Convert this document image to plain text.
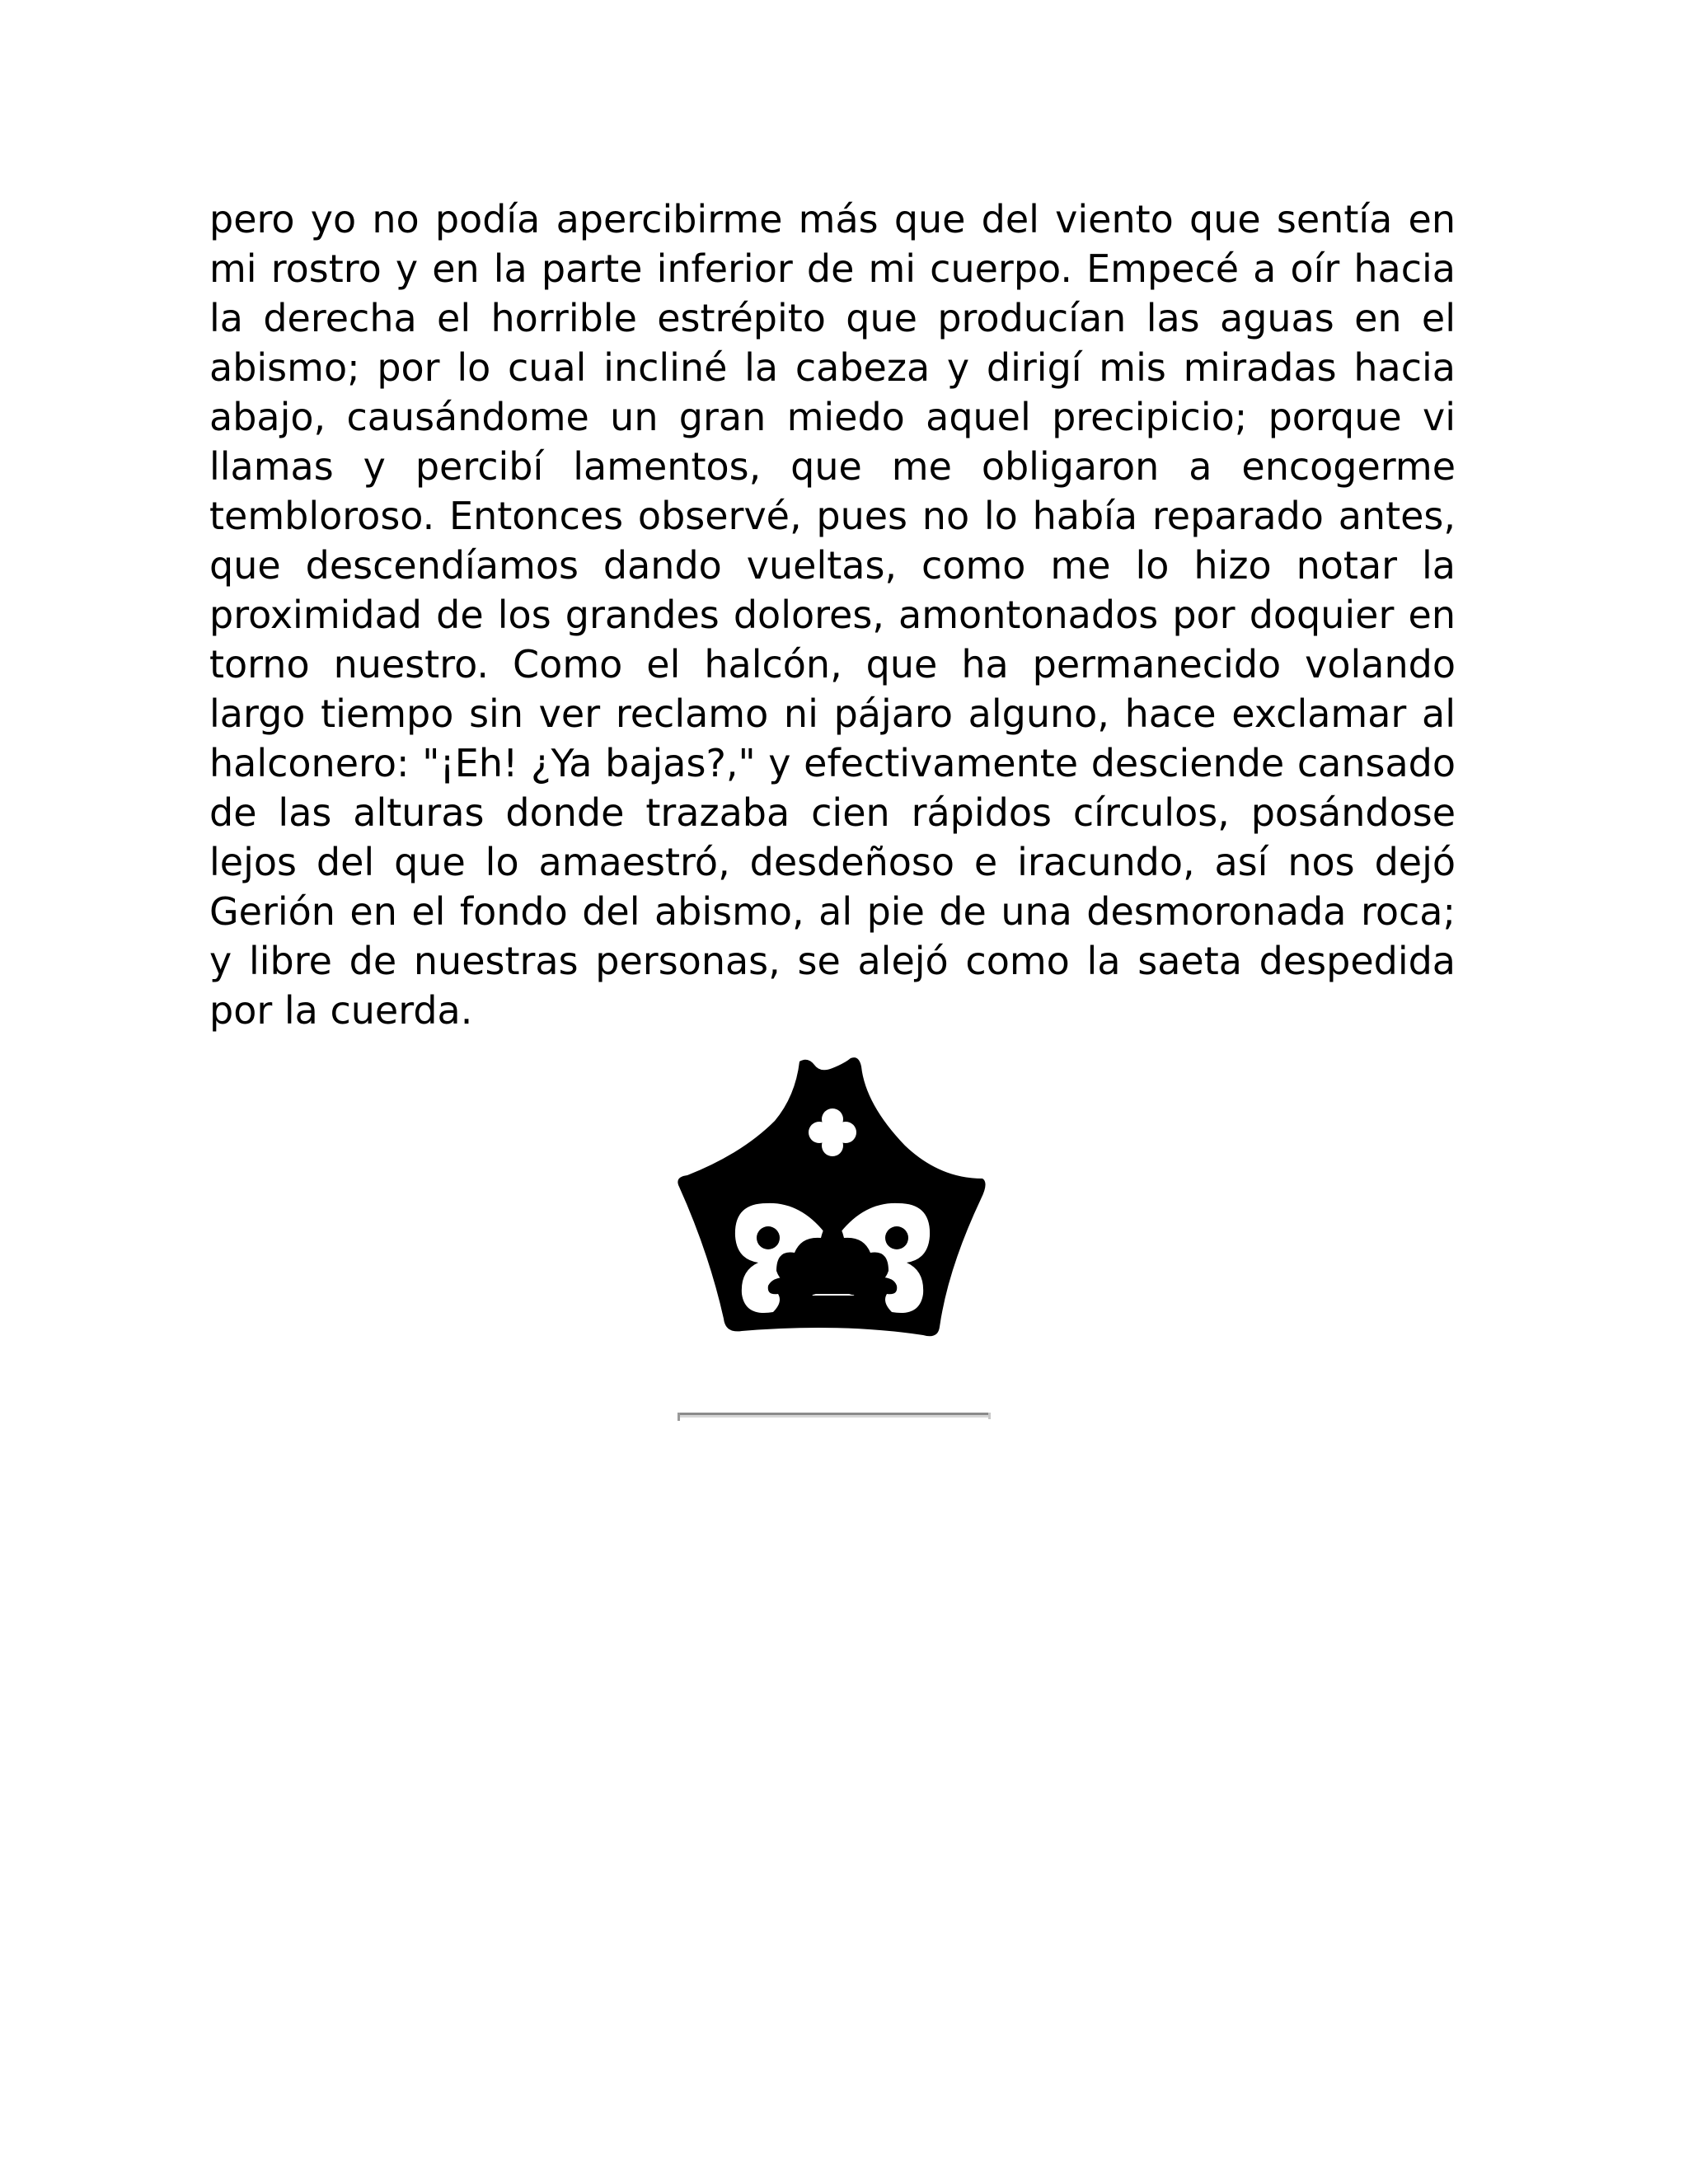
pero yo no podía apercibirme más que del viento que sentía en mi rostro y en la parte inferior de mi cuerpo. Empecé a oír hacia la derecha el horrible estrépito que producían las aguas en el abismo; por lo cual incliné la cabeza y dirigí mis miradas hacia abajo, causándome un gran miedo aquel precipicio; porque vi llamas y percibí lamentos, que me obligaron a encogerme tembloroso. Entonces observé, pues no lo había reparado antes, que descendíamos dando vueltas, como me lo hizo notar la proximidad de los grandes dolores, amontonados por doquier en torno nuestro. Como el halcón, que ha permanecido volando largo tiempo sin ver reclamo ni pájaro alguno, hace exclamar al halconero: "¡Eh! ¿Ya bajas?," y efectivamente desciende cansado de las alturas donde trazaba cien rápidos círculos, posándose lejos del que lo amaestró, desdeñoso e iracundo, así nos dejó Gerión en el fondo del abismo, al pie de una desmoronada roca; y libre de nuestras personas, se alejó como la saeta despedida por la cuerda.
